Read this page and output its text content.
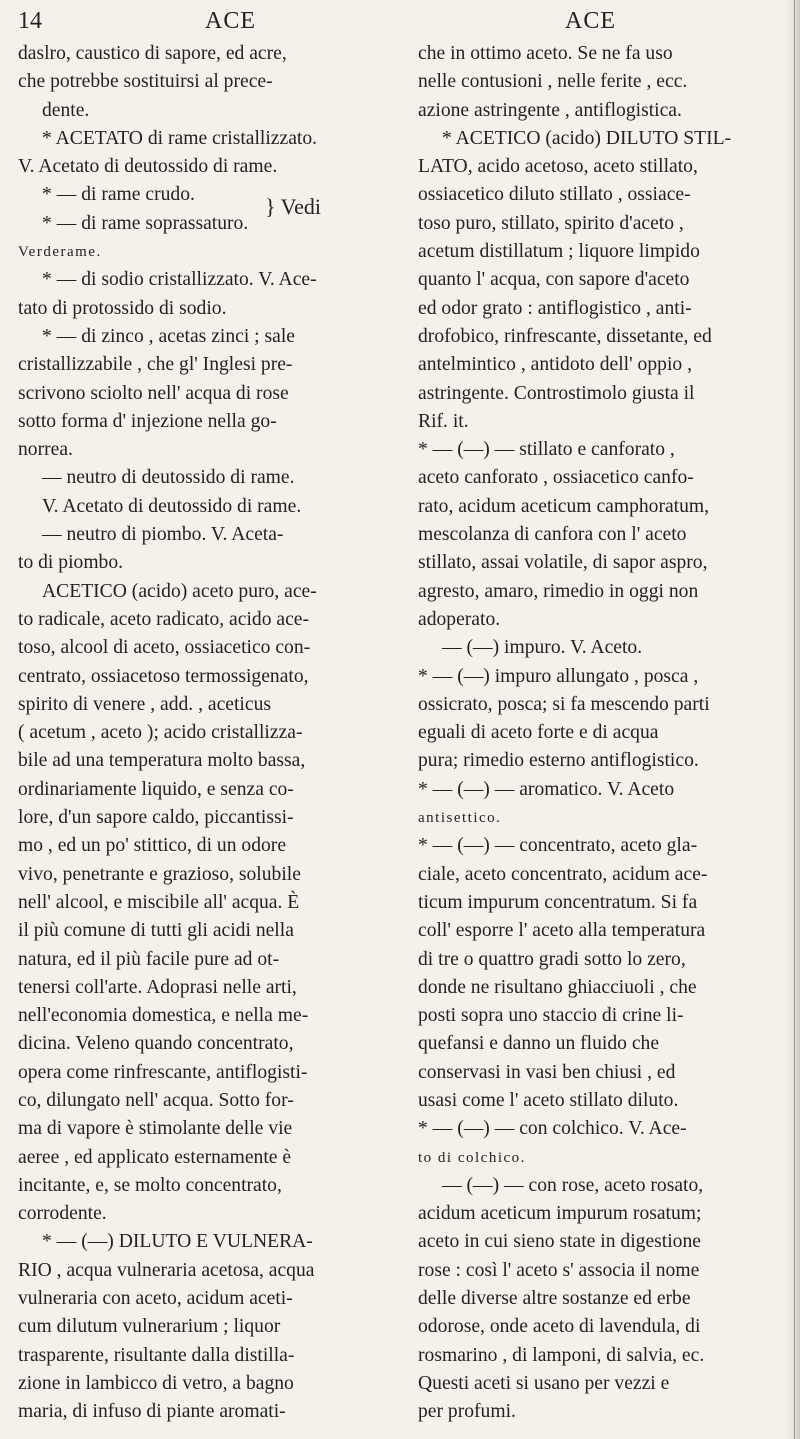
14	ACE	ACE
daslro, caustico di sapore, ed acre,
che potrebbe sostituirsi al prece-
dente.
* ACETATO di rame cristallizzato.
V. Acetato di deutossido di rame.
* — di rame crudo.
* — di rame soprassaturo.
} Vedi
Verderame.
* — di sodio cristallizzato. V. Ace-
tato di protossido di sodio.
* — di zinco , acetas zinci ; sale
cristallizzabile , che gl' Inglesi pre-
scrivono sciolto nell' acqua di rose
sotto forma d' injezione nella go-
norrea.
— neutro di deutossido di rame.
V. Acetato di deutossido di rame.
— neutro di piombo. V. Aceta-
to di piombo.
ACETICO (acido) aceto puro, ace-
to radicale, aceto radicato, acido ace-
toso, alcool di aceto, ossiacetico con-
centrato, ossiacetoso termossigenato,
spirito di venere , add. , aceticus
( acetum , aceto ); acido cristallizza-
bile ad una temperatura molto bassa,
ordinariamente liquido, e senza co-
lore, d'un sapore caldo, piccantissi-
mo , ed un po' stittico, di un odore
vivo, penetrante e grazioso, solubile
nell' alcool, e miscibile all' acqua. È
il più comune di tutti gli acidi nella
natura, ed il più facile pure ad ot-
tenersi coll'arte. Adoprasi nelle arti,
nell'economia domestica, e nella me-
dicina. Veleno quando concentrato,
opera come rinfrescante, antiflogisti-
co, dilungato nell' acqua. Sotto for-
ma di vapore è stimolante delle vie
aeree , ed applicato esternamente è
incitante, e, se molto concentrato,
corrodente.
* — (—) DILUTO E VULNERA-
RIO , acqua vulneraria acetosa, acqua
vulneraria con aceto, acidum aceti-
cum dilutum vulnerarium ; liquor
trasparente, risultante dalla distilla-
zione in lambicco di vetro, a bagno
maria, di infuso di piante aromati-
che in ottimo aceto. Se ne fa uso
nelle contusioni , nelle ferite , ecc.
azione astringente , antiflogistica.
* ACETICO (acido) DILUTO STIL-
LATO, acido acetoso, aceto stillato,
ossiacetico diluto stillato , ossiace-
toso puro, stillato, spirito d'aceto ,
acetum distillatum ; liquore limpido
quanto l' acqua, con sapore d'aceto
ed odor grato : antiflogistico , anti-
drofobico, rinfrescante, dissetante, ed
antelmintico , antidoto dell' oppio ,
astringente. Controstimolo giusta il
Rif. it.
* — (—) — stillato e canforato ,
aceto canforato , ossiacetico canfo-
rato, acidum aceticum camphoratum,
mescolanza di canfora con l' aceto
stillato, assai volatile, di sapor aspro,
agresto, amaro, rimedio in oggi non
adoperato.
— (—) impuro. V. Aceto.
* — (—) impuro allungato , posca ,
ossicrato, posca; si fa mescendo parti
eguali di aceto forte e di acqua
pura; rimedio esterno antiflogistico.
* — (—) — aromatico. V. Aceto
antisettico.
* — (—) — concentrato, aceto gla-
ciale, aceto concentrato, acidum ace-
ticum impurum concentratum. Si fa
coll' esporre l' aceto alla temperatura
di tre o quattro gradi sotto lo zero,
donde ne risultano ghiacciuoli , che
posti sopra uno staccio di crine li-
quefansi e danno un fluido che
conservasi in vasi ben chiusi , ed
usasi come l' aceto stillato diluto.
* — (—) — con colchico. V. Ace-
to di colchico.
— (—) — con rose, aceto rosato,
acidum aceticum impurum rosatum;
aceto in cui sieno state in digestione
rose : così l' aceto s' associa il nome
delle diverse altre sostanze ed erbe
odorose, onde aceto di lavendula, di
rosmarino , di lamponi, di salvia, ec.
Questi aceti si usano per vezzi e
per profumi.
